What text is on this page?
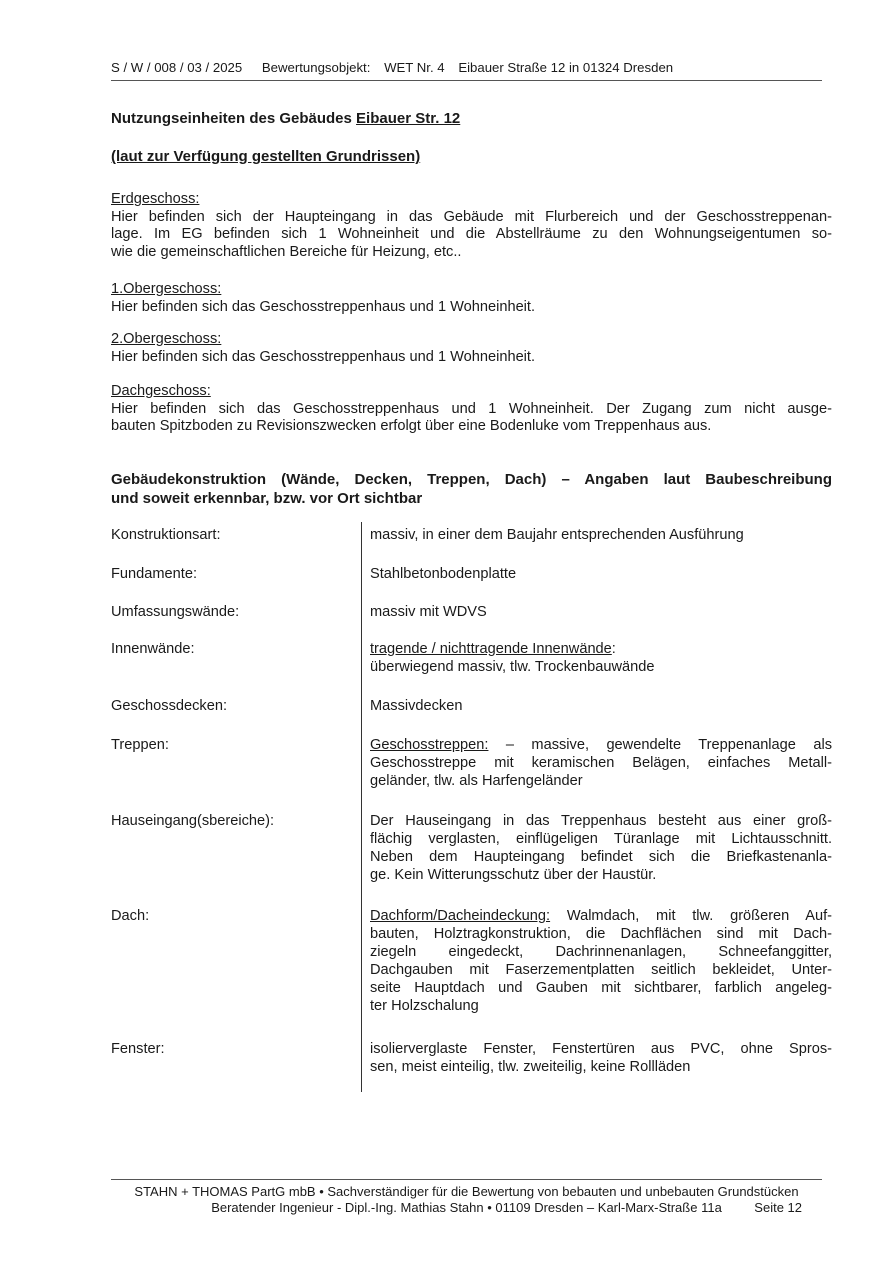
S / W / 008 / 03 / 2025 Bewertungsobjekt: WET Nr. 4 Eibauer Straße 12 in 01324 Dresden
Nutzungseinheiten des Gebäudes Eibauer Str. 12
(laut zur Verfügung gestellten Grundrissen)
Erdgeschoss:

Hier befinden sich der Haupteingang in das Gebäude mit Flurbereich und der Geschosstreppenan-
lage. Im EG befinden sich 1 Wohneinheit und die Abstellräume zu den Wohnungseigentumen so-
wie die gemeinschaftlichen Bereiche für Heizung, etc..

1.Obergeschoss:

Hier befinden sich das Geschosstreppenhaus und 1 Wohneinheit.

2.Obergeschoss:

Hier befinden sich das Geschosstreppenhaus und 1 Wohneinheit.

Dachgeschoss:

Hier befinden sich das Geschosstreppenhaus und 1 Wohneinheit. Der Zugang zum nicht ausge-
bauten Spitzboden zu Revisionszwecken erfolgt über eine Bodenluke vom Treppenhaus aus.

Gebäudekonstruktion (Wände, Decken, Treppen, Dach) – Angaben laut Baubeschreibung
und soweit erkennbar, bzw. vor Ort sichtbar
Konstruktionsart:	massiv, in einer dem Baujahr entsprechenden Ausführung
Fundamente:	Stahlbetonbodenplatte
Umfassungswände:	massiv mit WDVS
Innenwände:	tragende / nichttragende Innenwände:
überwiegend massiv, tlw. Trockenbauwände
Geschossdecken:	Massivdecken
Treppen:	Geschosstreppen: – massive, gewendelte Treppenanlage als
Geschosstreppe mit keramischen Belägen, einfaches Metall-
geländer, tlw. als Harfengeländer
Hauseingang(sbereiche):	Der Hauseingang in das Treppenhaus besteht aus einer groß-
flächig verglasten, einflügeligen Türanlage mit Lichtausschnitt.
Neben dem Haupteingang befindet sich die Briefkastenanla-
ge. Kein Witterungsschutz über der Haustür.
Dach:	Dachform/Dacheindeckung: Walmdach, mit tlw. größeren Auf-
bauten, Holztragkonstruktion, die Dachflächen sind mit Dach-
ziegeln eingedeckt, Dachrinnenanlagen, Schneefanggitter,
Dachgauben mit Faserzementplatten seitlich bekleidet, Unter-
seite Hauptdach und Gauben mit sichtbarer, farblich angeleg-
ter Holzschalung
Fenster:	isolierverglaste Fenster, Fenstertüren aus PVC, ohne Spros-
sen, meist einteilig, tlw. zweiteilig, keine Rollläden
STAHN + THOMAS PartG mbB • Sachverständiger für die Bewertung von bebauten und unbebauten Grundstücken
Beratender Ingenieur - Dipl.-Ing. Mathias Stahn • 01109 Dresden – Karl-Marx-Straße 11a	Seite 12
